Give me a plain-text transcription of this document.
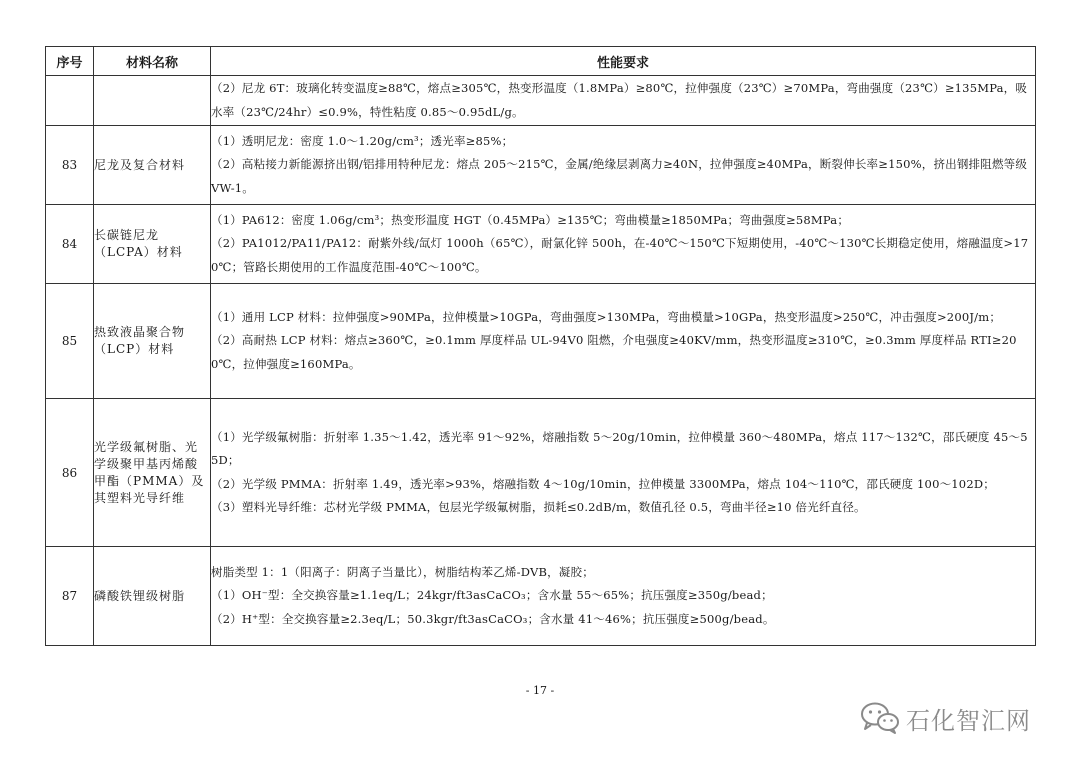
序号	材料名称	性能要求

		（2）尼龙 6T：玻璃化转变温度≥88℃，熔点≥305℃，热变形温度（1.8MPa）≥80℃，拉伸强度（23℃）≥70MPa，弯曲强度（23℃）≥135MPa，吸水率（23℃/24hr）≤0.9%，特性粘度 0.85～0.95dL/g。

83	尼龙及复合材料	（1）透明尼龙：密度 1.0～1.20g/cm³；透光率≥85%；
（2）高粘接力新能源挤出钢/铝排用特种尼龙：熔点 205～215℃，金属/绝缘层剥离力≥40N，拉伸强度≥40MPa，断裂伸长率≥150%，挤出钢排阻燃等级 VW-1。

84	长碳链尼龙（LCPA）材料	（1）PA612：密度 1.06g/cm³；热变形温度 HGT（0.45MPa）≥135℃；弯曲模量≥1850MPa；弯曲强度≥58MPa；
（2）PA1012/PA11/PA12：耐紫外线/氙灯 1000h（65℃），耐氯化锌 500h，在-40℃～150℃下短期使用，-40℃～130℃长期稳定使用，熔融温度>170℃；管路长期使用的工作温度范围-40℃～100℃。

85	热致液晶聚合物（LCP）材料	（1）通用 LCP 材料：拉伸强度>90MPa，拉伸模量>10GPa，弯曲强度>130MPa，弯曲模量>10GPa，热变形温度>250℃，冲击强度>200J/m；
（2）高耐热 LCP 材料：熔点≥360℃，≥0.1mm 厚度样品 UL-94V0 阻燃，介电强度≥40KV/mm，热变形温度≥310℃，≥0.3mm 厚度样品 RTI≥200℃，拉伸强度≥160MPa。

86	光学级氟树脂、光学级聚甲基丙烯酸甲酯（PMMA）及其塑料光导纤维	（1）光学级氟树脂：折射率 1.35～1.42，透光率 91～92%，熔融指数 5～20g/10min，拉伸模量 360～480MPa，熔点 117～132℃，邵氏硬度 45～55D；
（2）光学级 PMMA：折射率 1.49，透光率>93%，熔融指数 4～10g/10min，拉伸模量 3300MPa，熔点 104～110℃，邵氏硬度 100～102D；
（3）塑料光导纤维：芯材光学级 PMMA，包层光学级氟树脂，损耗≤0.2dB/m，数值孔径 0.5，弯曲半径≥10 倍光纤直径。

87	磷酸铁锂级树脂	树脂类型 1：1（阳离子：阴离子当量比），树脂结构苯乙烯-DVB，凝胶；
（1）OH⁻型：全交换容量≥1.1eq/L；24kgr/ft3asCaCO₃；含水量 55～65%；抗压强度≥350g/bead；
（2）H⁺型：全交换容量≥2.3eq/L；50.3kgr/ft3asCaCO₃；含水量 41～46%；抗压强度≥500g/bead。
- 17 -
石化智汇网
